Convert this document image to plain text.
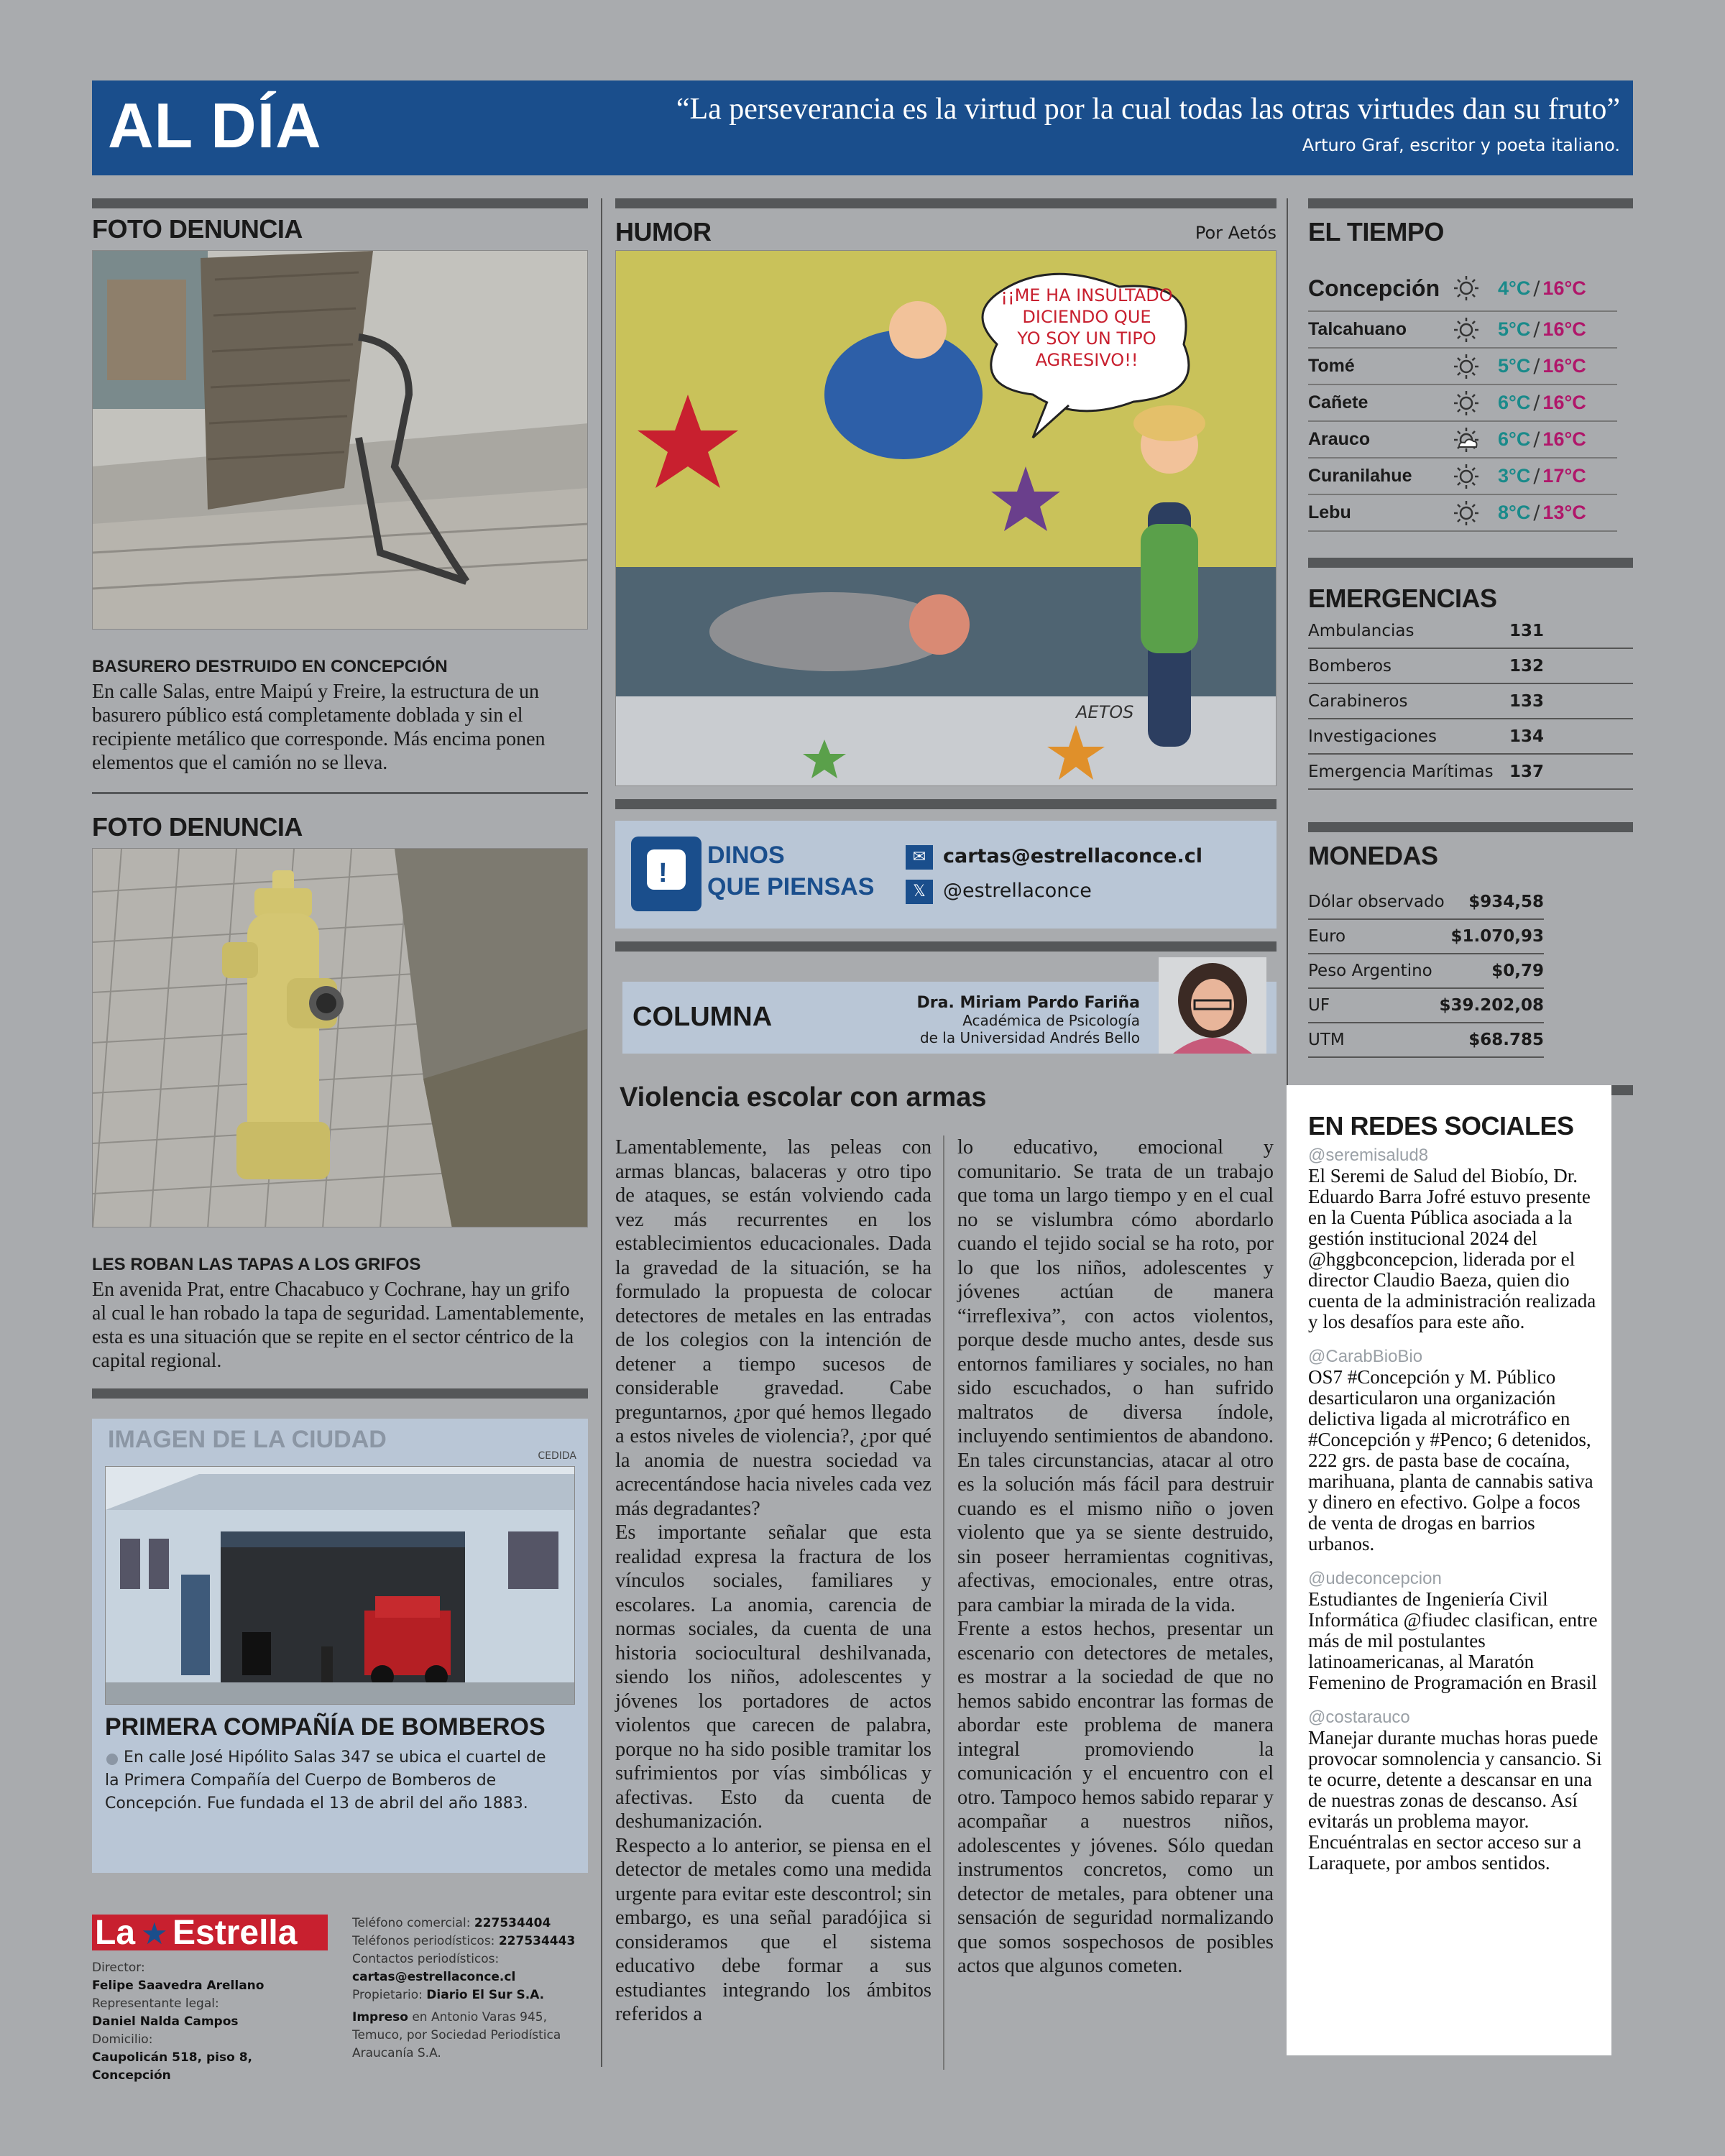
AL DÍA	“La perseverancia es la virtud por la cual todas las otras virtudes dan su fruto”
Arturo Graf, escritor y poeta italiano.
FOTO DENUNCIA
BASURERO DESTRUIDO EN CONCEPCIÓN
En calle Salas, entre Maipú y Freire, la estructura de un basurero público está completamente doblada y sin el recipiente metálico que corresponde. Más encima ponen elementos que el camión no se lleva.
FOTO DENUNCIA
LES ROBAN LAS TAPAS A LOS GRIFOS
En avenida Prat, entre Chacabuco y Cochrane, hay un grifo al cual le han robado la tapa de seguridad. Lamentablemente, esta es una situación que se repite en el sector céntrico de la capital regional.
IMAGEN DE LA CIUDAD
CEDIDA
PRIMERA COMPAÑÍA DE BOMBEROS
En calle José Hipólito Salas 347 se ubica el cuartel de la Primera Compañía del Cuerpo de Bomberos de Concepción. Fue fundada el 13 de abril del año 1883.
La ★ Estrella
Director:
Felipe Saavedra Arellano
Representante legal:
Daniel Nalda Campos
Domicilio:
Caupolicán 518, piso 8, Concepción
Teléfono comercial: 227534404
Teléfonos periodísticos: 227534443
Contactos periodísticos:
cartas@estrellaconce.cl
Propietario: Diario El Sur S.A.
Impreso en Antonio Varas 945, Temuco, por Sociedad Periodística Araucanía S.A.
HUMOR	Por Aetós
¡¡ME HA INSULTADO
DICIENDO QUE
YO SOY UN TIPO
AGRESIVO!!
AETOS
!
DINOS
QUE PIENSAS
✉ cartas@estrellaconce.cl
𝕏 @estrellaconce
COLUMNA	Dra. Miriam Pardo Fariña
Académica de Psicología
de la Universidad Andrés Bello
Violencia escolar con armas
Lamentablemente, las peleas con armas blancas, balaceras y otro tipo de ataques, se están volviendo cada vez más recurrentes en los establecimientos educacionales. Dada la gravedad de la situación, se ha formulado la propuesta de colocar detectores de metales en las entradas de los colegios con la intención de detener a tiempo sucesos de considerable gravedad. Cabe preguntarnos, ¿por qué hemos llegado a estos niveles de violencia?, ¿por qué la anomia de nuestra sociedad va acrecentándose hacia niveles cada vez más degradantes?
Es importante señalar que esta realidad expresa la fractura de los vínculos sociales, familiares y escolares. La anomia, carencia de normas sociales, da cuenta de una historia sociocultural deshilvanada, siendo los niños, adolescentes y jóvenes los portadores de actos violentos que carecen de palabra, porque no ha sido posible tramitar los sufrimientos por vías simbólicas y afectivas. Esto da cuenta de deshumanización.
Respecto a lo anterior, se piensa en el detector de metales como una medida urgente para evitar este descontrol; sin embargo, es una señal paradójica si consideramos que el sistema educativo debe formar a sus estudiantes integrando los ámbitos referidos a
lo educativo, emocional y comunitario. Se trata de un trabajo que toma un largo tiempo y en el cual no se vislumbra cómo abordarlo cuando el tejido social se ha roto, por lo que los niños, adolescentes y jóvenes actúan de manera “irreflexiva”, con actos violentos, porque desde mucho antes, desde sus entornos familiares y sociales, no han sido escuchados, o han sufrido maltratos de diversa índole, incluyendo sentimientos de abandono. En tales circunstancias, atacar al otro es la solución más fácil para destruir cuando es el mismo niño o joven violento que ya se siente destruido, sin poseer herramientas cognitivas, afectivas, emocionales, entre otras, para cambiar la mirada de la vida.
Frente a estos hechos, presentar un escenario con detectores de metales, es mostrar a la sociedad de que no hemos sabido encontrar las formas de abordar este problema de manera integral promoviendo la comunicación y el encuentro con el otro. Tampoco hemos sabido reparar y acompañar a nuestros niños, adolescentes y jóvenes. Sólo quedan instrumentos concretos, como un detector de metales, para obtener una sensación de seguridad normalizando que somos sospechosos de posibles actos que algunos cometen.
EL TIEMPO
Concepción	4°C / 16°C
Talcahuano	5°C / 16°C
Tomé	5°C / 16°C
Cañete	6°C / 16°C
Arauco	6°C / 16°C
Curanilahue	3°C / 17°C
Lebu	8°C / 13°C
EMERGENCIAS
Ambulancias	131
Bomberos	132
Carabineros	133
Investigaciones	134
Emergencia Marítimas 137
MONEDAS
Dólar observado $934,58
Euro	$1.070,93
Peso Argentino	$0,79
UF	$39.202,08
UTM	$68.785
EN REDES SOCIALES
@seremisalud8
El Seremi de Salud del Biobío, Dr. Eduardo Barra Jofré estuvo presente en la Cuenta Pública asociada a la gestión institucional 2024 del @hggbconcepcion, liderada por el director Claudio Baeza, quien dio cuenta de la administración realizada y los desafíos para este año.
@CarabBioBio
OS7 #Concepción y M. Público desarticularon una organización delictiva ligada al microtráfico en #Concepción y #Penco; 6 detenidos, 222 grs. de pasta base de cocaína, marihuana, planta de cannabis sativa y dinero en efectivo. Golpe a focos de venta de drogas en barrios urbanos.
@udeconcepcion
Estudiantes de Ingeniería Civil Informática @fiudec clasifican, entre más de mil postulantes latinoamericanas, al Maratón Femenino de Programación en Brasil
@costarauco
Manejar durante muchas horas puede provocar somnolencia y cansancio. Si te ocurre, detente a descansar en una de nuestras zonas de descanso. Así evitarás un problema mayor. Encuéntralas en sector acceso sur a Laraquete, por ambos sentidos.
